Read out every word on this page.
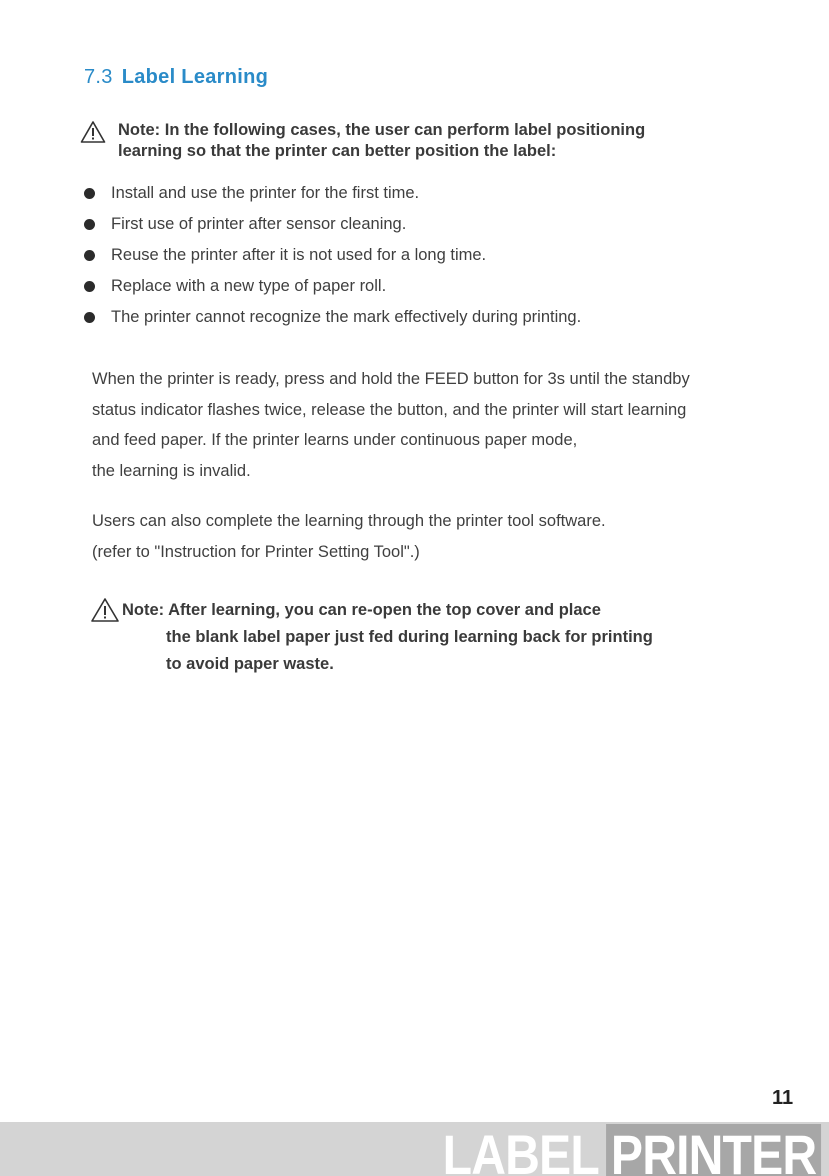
7.3 Label Learning
Note: In the following cases, the user can perform label positioning
learning so that the printer can better position the label:
Install and use the printer for the first time.
First use of printer after sensor cleaning.
Reuse the printer after it is not used for a long time.
Replace with a new type of paper roll.
The printer cannot recognize the mark effectively during printing.

When the printer is ready, press and hold the FEED button for 3s until the standby

status indicator flashes twice, release the button, and the printer will start learning

and feed paper. If the printer learns under continuous paper mode,

the learning is invalid.

Users can also complete the learning through the printer tool software.

(refer to "Instruction for Printer Setting Tool".)

Note: After learning, you can re-open the top cover and place
the blank label paper just fed during learning back for printing
to avoid paper waste.
11
LABEL PRINTER
